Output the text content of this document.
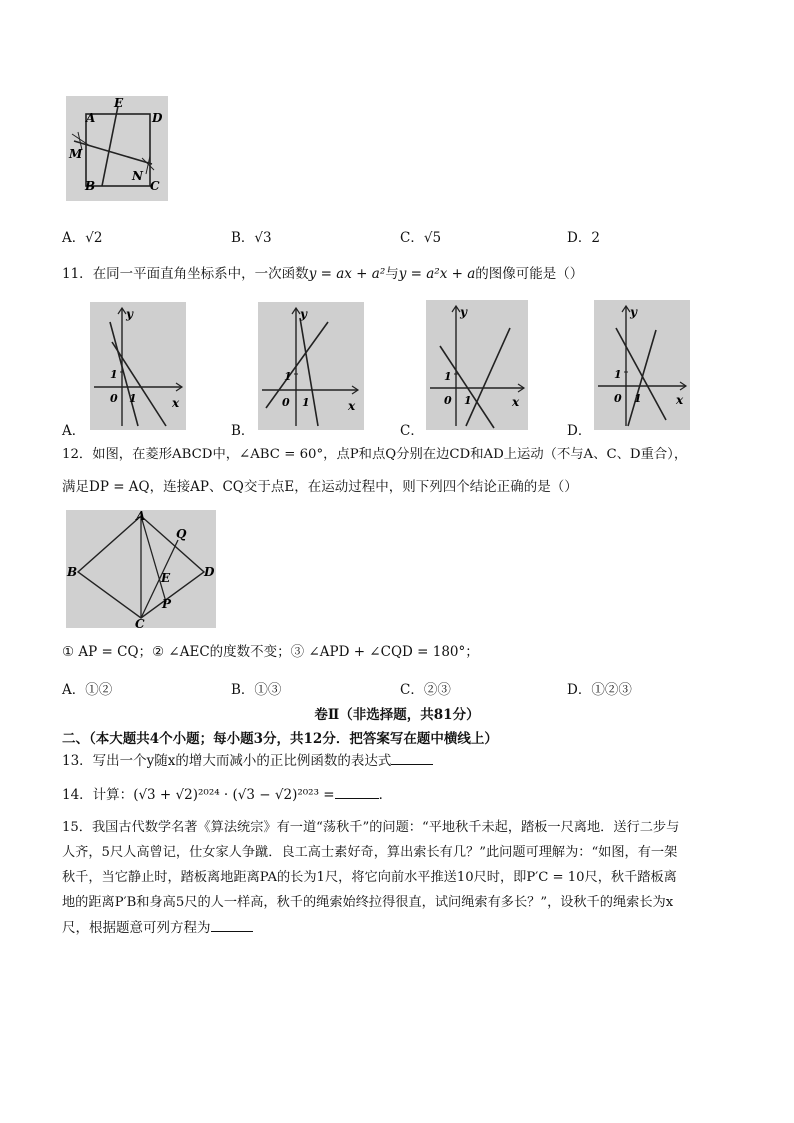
A
E
D
M
N
B	C
A．√2	B．√3	C．√5	D．2
11．在同一平面直角坐标系中，一次函数y = ax + a²与y = a²x + a的图像可能是（）
y
x
1
0 1
y
x
1
0 1
y
x
1
0 1
y
x
1
0 1
A．	B．	C．	D．
12．如图，在菱形ABCD中，∠ABC = 60°，点P和点Q分别在边CD和AD上运动（不与A、C、D重合），
满足DP = AQ，连接AP、CQ交于点E，在运动过程中，则下列四个结论正确的是（）
A
Q
B	E	D
P
C
① AP = CQ；② ∠AEC的度数不变；③ ∠APD + ∠CQD = 180°；
A．①②	B．①③	C．②③	D．①②③
卷Ⅱ（非选择题，共81分）
二、（本大题共4个小题；每小题3分，共12分．把答案写在题中横线上）
13．写出一个y随x的增大而减小的正比例函数的表达式
14．计算：(√3 + √2)²⁰²⁴ · (√3 − √2)²⁰²³ =	．
15．我国古代数学名著《算法统宗》有一道“荡秋千”的问题：“平地秋千未起，踏板一尺离地．送行二步与
人齐，5尺人高曾记，仕女家人争蹴．良工高士素好奇，算出索长有几？”此问题可理解为：“如图，有一架
秋千，当它静止时，踏板离地距离PA的长为1尺，将它向前水平推送10尺时，即P′C = 10尺，秋千踏板离
地的距离P′B和身高5尺的人一样高，秋千的绳索始终拉得很直，试问绳索有多长？”，设秋千的绳索长为x
尺，根据题意可列方程为
